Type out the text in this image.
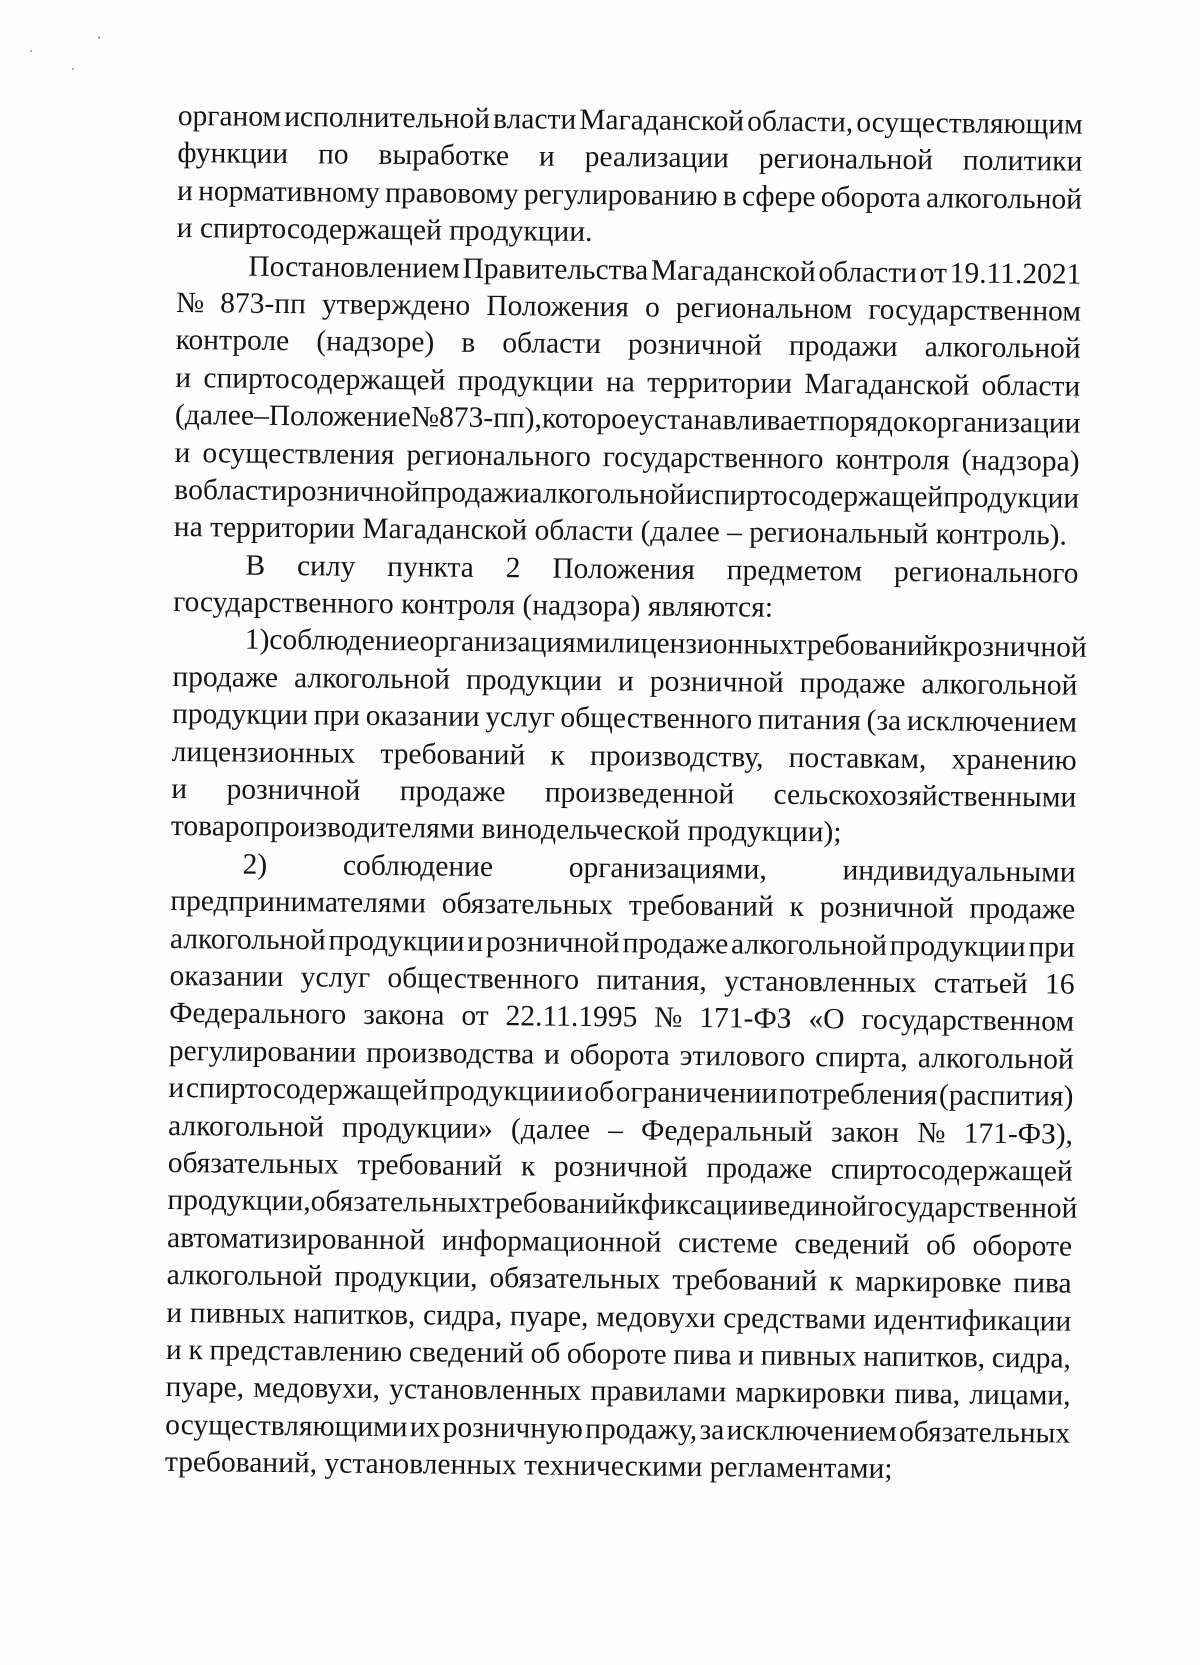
органом исполнительной власти Магаданской области, осуществляющим
функции по выработке и реализации региональной политики
и нормативному правовому регулированию в сфере оборота алкогольной
и спиртосодержащей продукции.
Постановлением Правительства Магаданской области от 19.11.2021
№ 873-пп утверждено Положения о региональном государственном
контроле (надзоре) в области розничной продажи алкогольной
и спиртосодержащей продукции на территории Магаданской области
(далее – Положение № 873-пп), которое устанавливает порядок организации
и осуществления регионального государственного контроля (надзора)
в области розничной продажи алкогольной и спиртосодержащей продукции
на территории Магаданской области (далее – региональный контроль).
В силу пункта 2 Положения предметом регионального
государственного контроля (надзора) являются:
1) соблюдение организациями лицензионных требований к розничной
продаже алкогольной продукции и розничной продаже алкогольной
продукции при оказании услуг общественного питания (за исключением
лицензионных требований к производству, поставкам, хранению
и розничной продаже произведенной сельскохозяйственными
товаропроизводителями винодельческой продукции);
2)	соблюдение	организациями,	индивидуальными
предпринимателями обязательных требований к розничной продаже
алкогольной продукции и розничной продаже алкогольной продукции при
оказании услуг общественного питания, установленных статьей 16
Федерального закона от 22.11.1995 № 171-ФЗ «О государственном
регулировании производства и оборота этилового спирта, алкогольной
и спиртосодержащей продукции и об ограничении потребления (распития)
алкогольной продукции» (далее – Федеральный закон № 171-ФЗ),
обязательных требований к розничной продаже спиртосодержащей
продукции, обязательных требований к фиксации в единой государственной
автоматизированной информационной системе сведений об обороте
алкогольной продукции, обязательных требований к маркировке пива
и пивных напитков, сидра, пуаре, медовухи средствами идентификации
и к представлению сведений об обороте пива и пивных напитков, сидра,
пуаре, медовухи, установленных правилами маркировки пива, лицами,
осуществляющими их розничную продажу, за исключением обязательных
требований, установленных техническими регламентами;
